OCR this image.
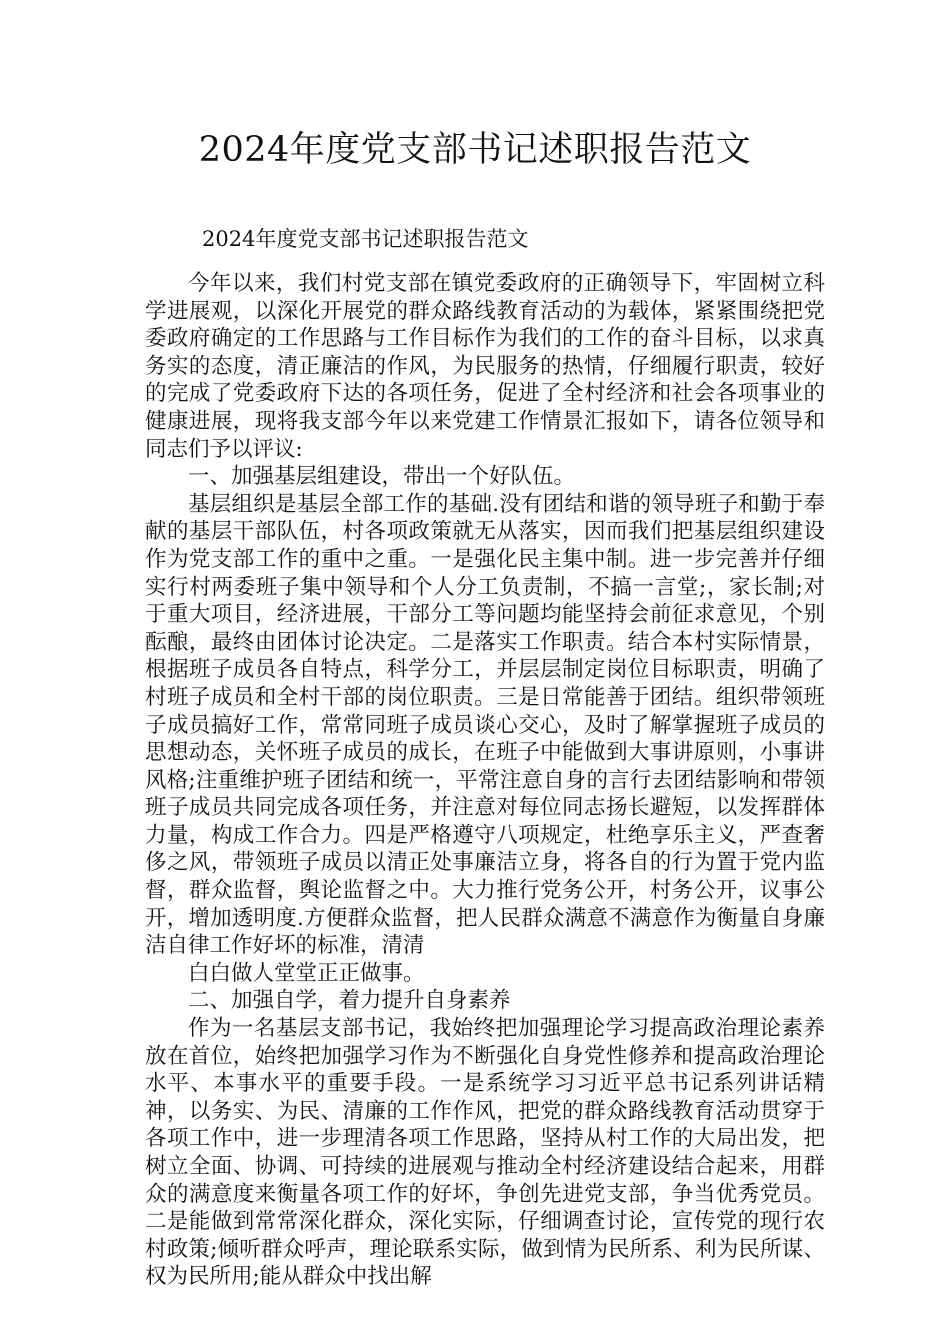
2024年度党支部书记述职报告范文

2024年度党支部书记述职报告范文

今年以来，我们村党支部在镇党委政府的正确领导下，牢固树立科学进展观，以深化开展党的群众路线教育活动的为载体，紧紧围绕把党委政府确定的工作思路与工作目标作为我们的工作的奋斗目标，以求真务实的态度，清正廉洁的作风，为民服务的热情，仔细履行职责，较好的完成了党委政府下达的各项任务，促进了全村经济和社会各项事业的健康进展，现将我支部今年以来党建工作情景汇报如下，请各位领导和同志们予以评议:

一、加强基层组建设，带出一个好队伍。

基层组织是基层全部工作的基础.没有团结和谐的领导班子和勤于奉献的基层干部队伍，村各项政策就无从落实，因而我们把基层组织建设作为党支部工作的重中之重。一是强化民主集中制。进一步完善并仔细实行村两委班子集中领导和个人分工负责制，不搞一言堂;，家长制;对于重大项目，经济进展，干部分工等问题均能坚持会前征求意见，个别酝酿，最终由团体讨论决定。二是落实工作职责。结合本村实际情景，根据班子成员各自特点，科学分工，并层层制定岗位目标职责，明确了村班子成员和全村干部的岗位职责。三是日常能善于团结。组织带领班子成员搞好工作，常常同班子成员谈心交心，及时了解掌握班子成员的思想动态，关怀班子成员的成长，在班子中能做到大事讲原则，小事讲风格;注重维护班子团结和统一，平常注意自身的言行去团结影响和带领班子成员共同完成各项任务，并注意对每位同志扬长避短，以发挥群体力量，构成工作合力。四是严格遵守八项规定，杜绝享乐主义，严查奢侈之风，带领班子成员以清正处事廉洁立身，将各自的行为置于党内监督，群众监督，舆论监督之中。大力推行党务公开，村务公开，议事公开，增加透明度.方便群众监督，把人民群众满意不满意作为衡量自身廉洁自律工作好坏的标准，清清

白白做人堂堂正正做事。

二、加强自学，着力提升自身素养

作为一名基层支部书记，我始终把加强理论学习提高政治理论素养放在首位，始终把加强学习作为不断强化自身党性修养和提高政治理论水平、本事水平的重要手段。一是系统学习习近平总书记系列讲话精神，以务实、为民、清廉的工作作风，把党的群众路线教育活动贯穿于各项工作中，进一步理清各项工作思路，坚持从村工作的大局出发，把树立全面、协调、可持续的进展观与推动全村经济建设结合起来，用群众的满意度来衡量各项工作的好坏，争创先进党支部，争当优秀党员。二是能做到常常深化群众，深化实际，仔细调查讨论，宣传党的现行农村政策;倾听群众呼声，理论联系实际，做到情为民所系、利为民所谋、权为民所用;能从群众中找出解
